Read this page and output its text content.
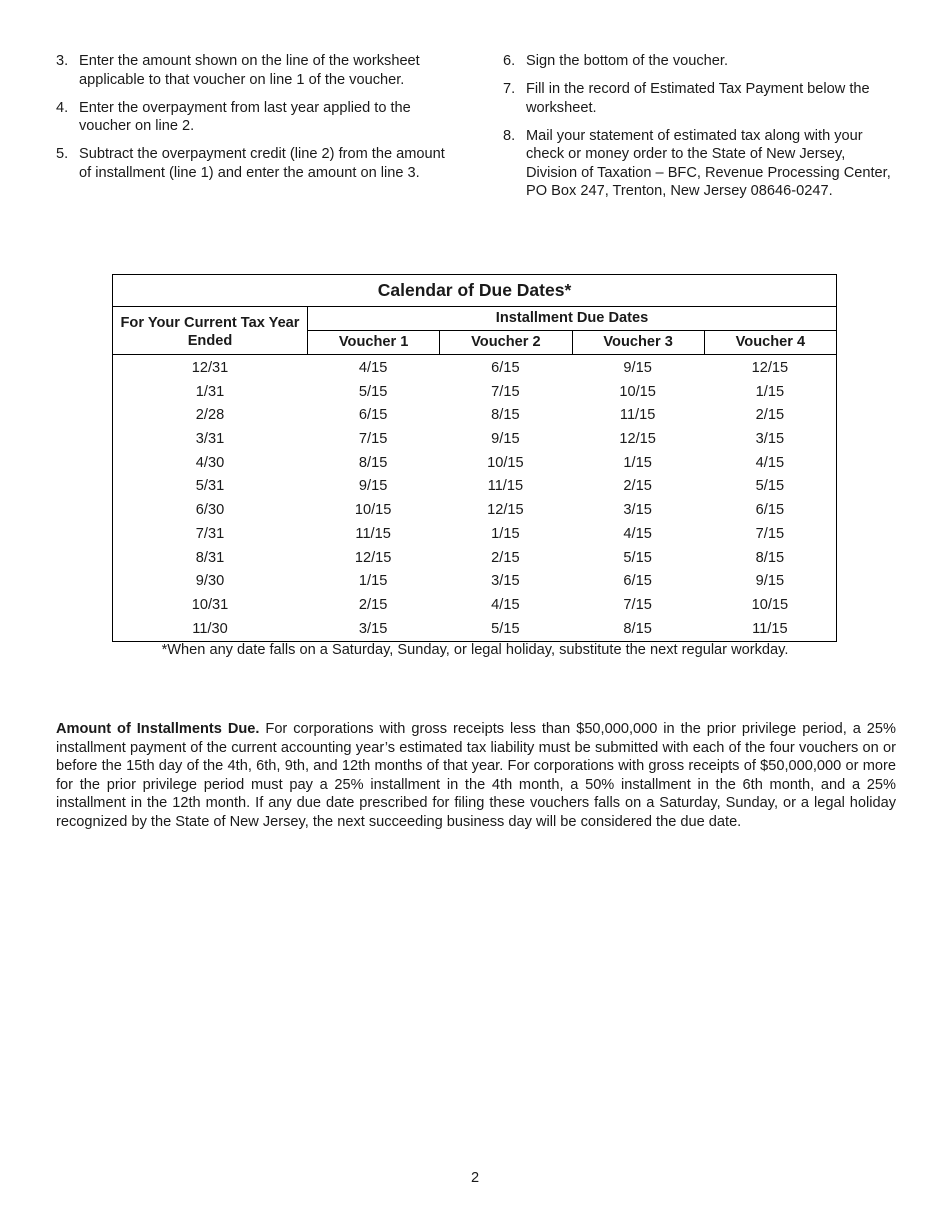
3. Enter the amount shown on the line of the worksheet applicable to that voucher on line 1 of the voucher.
4. Enter the overpayment from last year applied to the voucher on line 2.
5. Subtract the overpayment credit (line 2) from the amount of installment (line 1) and enter the amount on line 3.
6. Sign the bottom of the voucher.
7. Fill in the record of Estimated Tax Payment below the worksheet.
8. Mail your statement of estimated tax along with your check or money order to the State of New Jersey, Division of Taxation – BFC, Revenue Processing Center, PO Box 247, Trenton, New Jersey 08646-0247.
Calendar of Due Dates*
For Your Current Tax Year Ended
Installment Due Dates
Voucher 1	Voucher 2	Voucher 3	Voucher 4
12/31	4/15	6/15	9/15	12/15
1/31	5/15	7/15	10/15	1/15
2/28	6/15	8/15	11/15	2/15
3/31	7/15	9/15	12/15	3/15
4/30	8/15	10/15	1/15	4/15
5/31	9/15	11/15	2/15	5/15
6/30	10/15	12/15	3/15	6/15
7/31	11/15	1/15	4/15	7/15
8/31	12/15	2/15	5/15	8/15
9/30	1/15	3/15	6/15	9/15
10/31	2/15	4/15	7/15	10/15
11/30	3/15	5/15	8/15	11/15
*When any date falls on a Saturday, Sunday, or legal holiday, substitute the next regular workday.
Amount of Installments Due. For corporations with gross receipts less than $50,000,000 in the prior privilege period, a 25% installment payment of the current accounting year’s estimated tax liability must be submitted with each of the four vouchers on or before the 15th day of the 4th, 6th, 9th, and 12th months of that year. For corporations with gross receipts of $50,000,000 or more for the prior privilege period must pay a 25% installment in the 4th month, a 50% installment in the 6th month, and a 25% installment in the 12th month. If any due date prescribed for filing these vouchers falls on a Saturday, Sunday, or a legal holiday recognized by the State of New Jersey, the next succeeding business day will be considered the due date.
2
